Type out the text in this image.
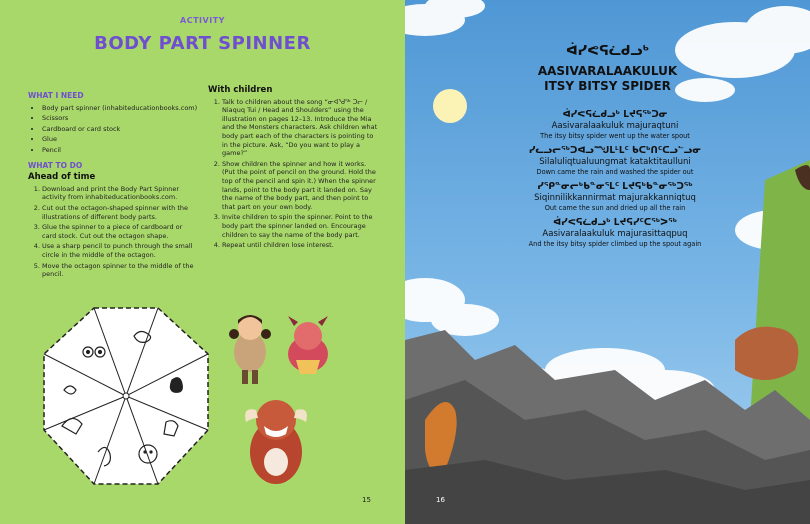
ACTIVITY
BODY PART SPINNER
WHAT I NEED
• Body part spinner (inhabiteducationbooks.com)
• Scissors
• Cardboard or card stock
• Glue
• Pencil
WHAT TO DO
Ahead of time
1. Download and print the Body Part Spinner activity from inhabiteducationbooks.com.
2. Cut out the octagon-shaped spinner with the illustrations of different body parts.
3. Glue the spinner to a piece of cardboard or card stock. Cut out the octagon shape.
4. Use a sharp pencil to punch through the small circle in the middle of the octagon.
5. Move the octagon spinner to the middle of the pencil.
With children
1. Talk to children about the song “ᓂᐊᖁᖅ ᑐᓕ / Niaquq Tui / Head and Shoulders” using the illustration on pages 12–13. Introduce the Mia and the Monsters characters. Ask children what body part each of the characters is pointing to in the picture. Ask, “Do you want to play a game?”
2. Show children the spinner and how it works. (Put the point of pencil on the ground. Hold the top of the pencil and spin it.) When the spinner lands, point to the body part it landed on. Say the name of the body part, and then point to that part on your own body.
3. Invite children to spin the spinner. Point to the body part the spinner landed on. Encourage children to say the name of the body part.
4. Repeat until children lose interest.
15
ᐋᓯᕙᕋᓛᑯᓗᒃ
AASIVARALAAKULUK
ITSY BITSY SPIDER
ᐋᓯᕙᕋᓛᑯᓗᒃ ᒪᔪᕋᖅᑐᓂ
Aasivaralaakuluk majuraqtuni
The itsy bitsy spider went up the water spout
ᓯᓚᓗᓕᖅᑐᐊᓗᙳᒪᒻᒪᑦ ᑲᑕᒃᑎᑦᑕᓗᓪᓗᓂ
Silaluliqtualuungmat kataktitaulluni
Down came the rain and washed the spider out
ᓯᕿᓐᓂᓕᒃᑲᓐᓂᕐᒪᑦ ᒪᔪᕋᒃᑲᓐᓂᖅᑐᖅ
Siqinnilikkannirmat majurakkanniqtuq
Out came the sun and dried up all the rain
ᐋᓯᕙᕋᓛᑯᓗᒃ ᒪᔪᕋᓯᑦᑕᖅᐳᖅ
Aasivaralaakuluk majurasittaqpuq
And the itsy bitsy spider climbed up the spout again
16
